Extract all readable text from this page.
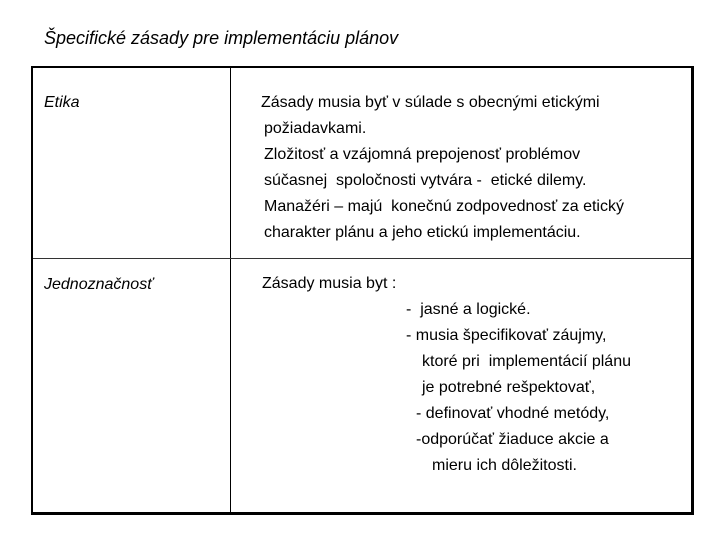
Špecifické zásady pre implementáciu plánov
Etika	Zásady musia byť v súlade s obecnými etickými
požiadavkami.
Zložitosť a vzájomná prepojenosť problémov
súčasnej  spoločnosti vytvára -  etické dilemy.
Manažéri – majú  konečnú zodpovednosť za etický
charakter plánu a jeho etickú implementáciu.
Jednoznačnosť	Zásady musia byt :
-  jasné a logické.
- musia špecifikovať záujmy,
ktoré pri  implementácií plánu
je potrebné rešpektovať,
- definovať vhodné metódy,
-odporúčať žiaduce akcie a
mieru ich dôležitosti.
